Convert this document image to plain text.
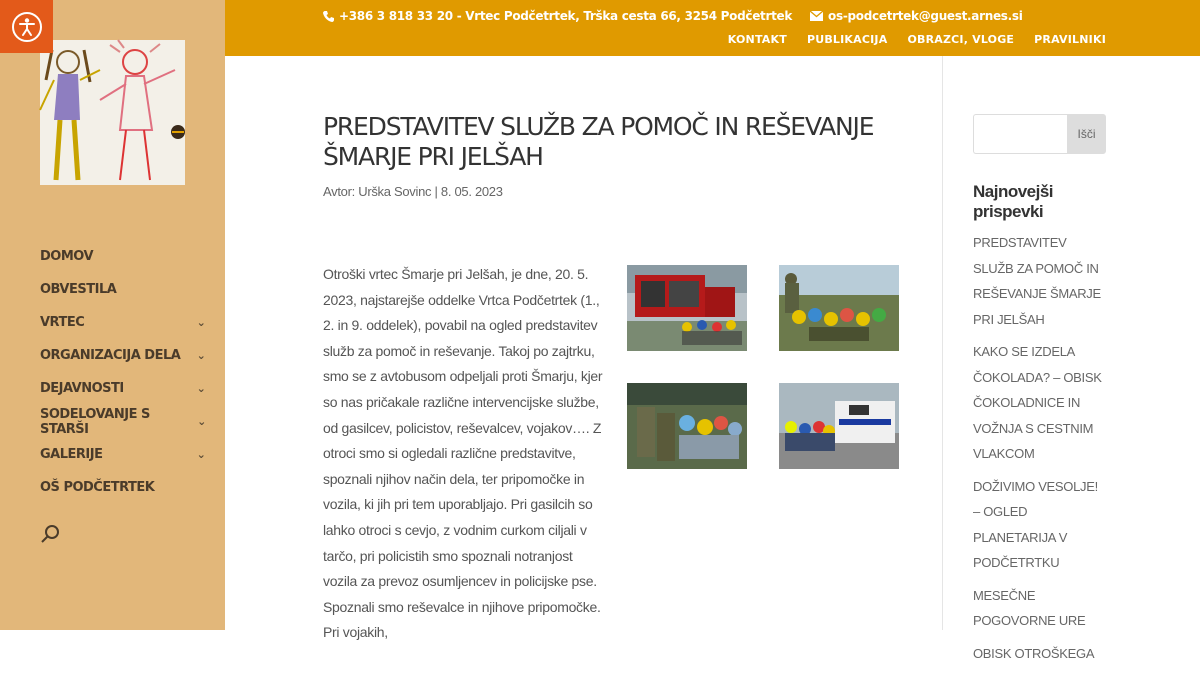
DOMOV
OBVESTILA
VRTEC	⌄
ORGANIZACIJA DELA	⌄
DEJAVNOSTI	⌄
SODELOVANJE S STARŠI	⌄
GALERIJE	⌄
OŠ PODČETRTEK
+386 3 818 33 20 - Vrtec Podčetrtek, Trška cesta 66, 3254 Podčetrtek	os-podcetrtek@guest.arnes.si
KONTAKT PUBLIKACIJA OBRAZCI, VLOGE PRAVILNIKI
PREDSTAVITEV SLUŽB ZA POMOČ IN REŠEVANJE ŠMARJE PRI JELŠAH
Avtor: Urška Sovinc | 8. 05. 2023
Otroški vrtec Šmarje pri Jelšah, je dne, 20. 5. 2023, najstarejše oddelke Vrtca Podčetrtek (1., 2. in 9. oddelek), povabil na ogled predstavitev služb za pomoč in reševanje. Takoj po zajtrku, smo se z avtobusom odpeljali proti Šmarju, kjer so nas pričakale različne intervencijske službe, od gasilcev, policistov, reševalcev, vojakov…. Z otroci smo si ogledali različne predstavitve, spoznali njihov način dela, ter pripomočke in vozila, ki jih pri tem uporabljajo. Pri gasilcih so lahko otroci s cevjo, z vodnim curkom ciljali v tarčo, pri policistih smo spoznali notranjost vozila za prevoz osumljencev in policijske pse. Spoznali smo reševalce in njihove pripomočke. Pri vojakih,
Išči
Najnovejši prispevki
PREDSTAVITEV SLUŽB ZA POMOČ IN REŠEVANJE ŠMARJE PRI JELŠAH
KAKO SE IZDELA ČOKOLADA? – OBISK ČOKOLADNICE IN VOŽNJA S CESTNIM VLAKCOM
DOŽIVIMO VESOLJE! – OGLED PLANETARIJA V PODČETRTKU
MESEČNE POGOVORNE URE
OBISK OTROŠKEGA
